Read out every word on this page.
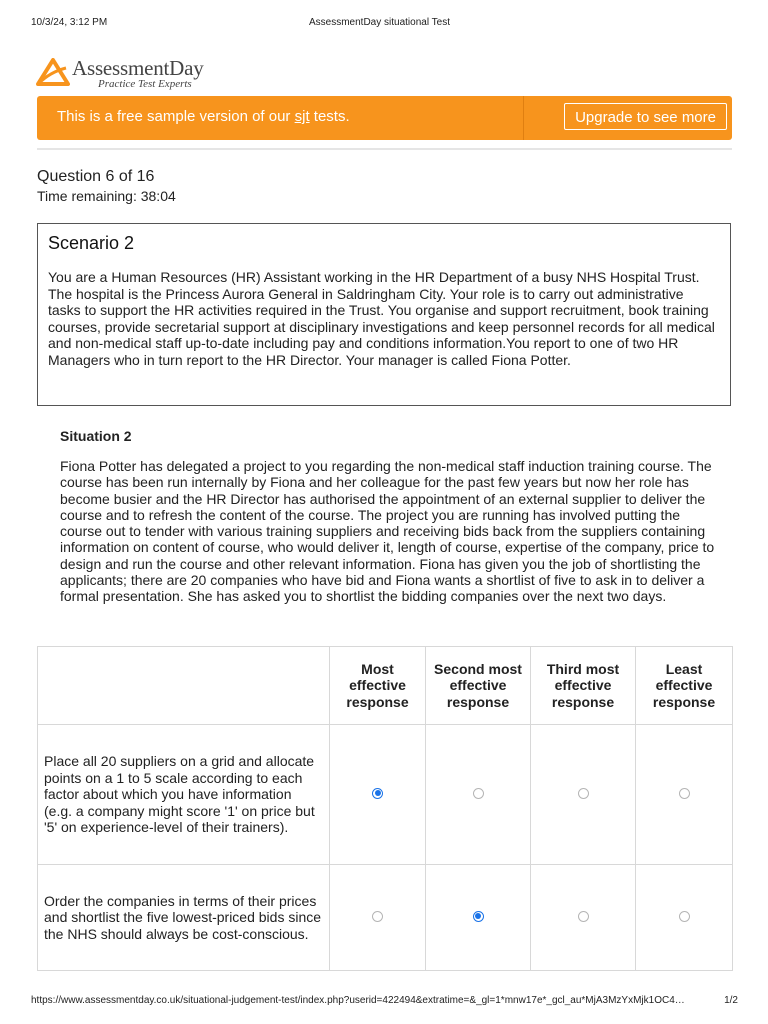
10/3/24, 3:12 PM	AssessmentDay situational Test
AssessmentDay
Practice Test Experts
This is a free sample version of our sjt tests.	Upgrade to see more
Question 6 of 16
Time remaining: 38:04
Scenario 2

You are a Human Resources (HR) Assistant working in the HR Department of a busy NHS Hospital Trust. The hospital is the Princess Aurora General in Saldringham City. Your role is to carry out administrative tasks to support the HR activities required in the Trust. You organise and support recruitment, book training courses, provide secretarial support at disciplinary investigations and keep personnel records for all medical and non-medical staff up-to-date including pay and conditions information.You report to one of two HR Managers who in turn report to the HR Director. Your manager is called Fiona Potter.

Situation 2

Fiona Potter has delegated a project to you regarding the non-medical staff induction training course. The course has been run internally by Fiona and her colleague for the past few years but now her role has become busier and the HR Director has authorised the appointment of an external supplier to deliver the course and to refresh the content of the course. The project you are running has involved putting the course out to tender with various training suppliers and receiving bids back from the suppliers containing information on content of course, who would deliver it, length of course, expertise of the company, price to design and run the course and other relevant information. Fiona has given you the job of shortlisting the applicants; there are 20 companies who have bid and Fiona wants a shortlist of five to ask in to deliver a formal presentation. She has asked you to shortlist the bidding companies over the next two days.

	Most effective response	Second most effective response	Third most effective response	Least effective response
Place all 20 suppliers on a grid and allocate points on a 1 to 5 scale according to each factor about which you have information (e.g. a company might score '1' on price but '5' on experience-level of their trainers).				
Order the companies in terms of their prices and shortlist the five lowest-priced bids since the NHS should always be cost-conscious.				
https://www.assessmentday.co.uk/situational-judgement-test/index.php?userid=422494&extratime=&_gl=1*mnw17e*_gcl_au*MjA3MzYxMjk1OC4…	1/2
